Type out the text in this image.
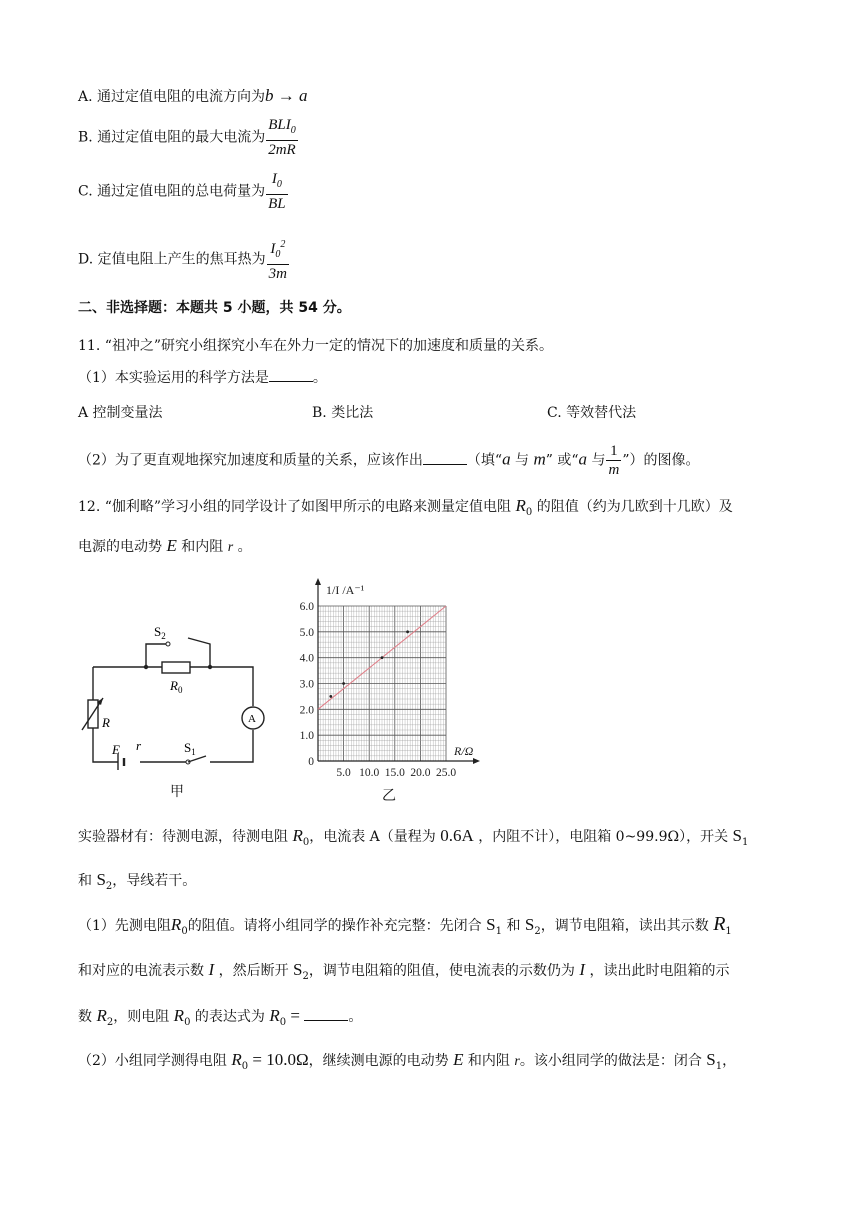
A. 通过定值电阻的电流方向为b → a
B. 通过定值电阻的最大电流为 $\frac{BLI_0}{2mR}$
C. 通过定值电阻的总电荷量为 $\frac{I_0}{BL}$
D. 定值电阻上产生的焦耳热为 $\frac{I_0^2}{3m}$
二、非选择题：本题共 5 小题，共 54 分。
11. “祖冲之”研究小组探究小车在外力一定的情况下的加速度和质量的关系。
（1）本实验运用的科学方法是	。
A 控制变量法	B. 类比法	C. 等效替代法
（2）为了更直观地探究加速度和质量的关系，应该作出	（填“a 与 m” 或“a 与 $\frac{1}{m}$ ”）的图像。
12. “伽利略”学习小组的同学设计了如图甲所示的电路来测量定值电阻 $R_0$ 的阻值（约为几欧到十几欧）及
电源的电动势 E 和内阻 r 。
$S_2$
$R_0$
R	A
E r	$S_1$
甲
0
1.0
2.0
3.0
4.0
5.0
6.0
5.0 10.0 15.0 20.0 25.0
R/Ω
1/I /A⁻¹
乙
实验器材有：待测电源，待测电阻 $R_0$，电流表 A（量程为 0.6A ，内阻不计），电阻箱 0~99.9Ω），开关 $S_1$
和 $S_2$，导线若干。
（1）先测电阻$R_0$的阻值。请将小组同学的操作补充完整：先闭合 $S_1$ 和 $S_2$，调节电阻箱，读出其示数 $R_1$
和对应的电流表示数 I ，然后断开 $S_2$，调节电阻箱的阻值，使电流表的示数仍为 I ，读出此时电阻箱的示
数 $R_2$，则电阻 $R_0$ 的表达式为 $R_0$ =	。
（2）小组同学测得电阻 $R_0 = 10.0\Omega$，继续测电源的电动势 E 和内阻 r。该小组同学的做法是：闭合 $S_1$，
